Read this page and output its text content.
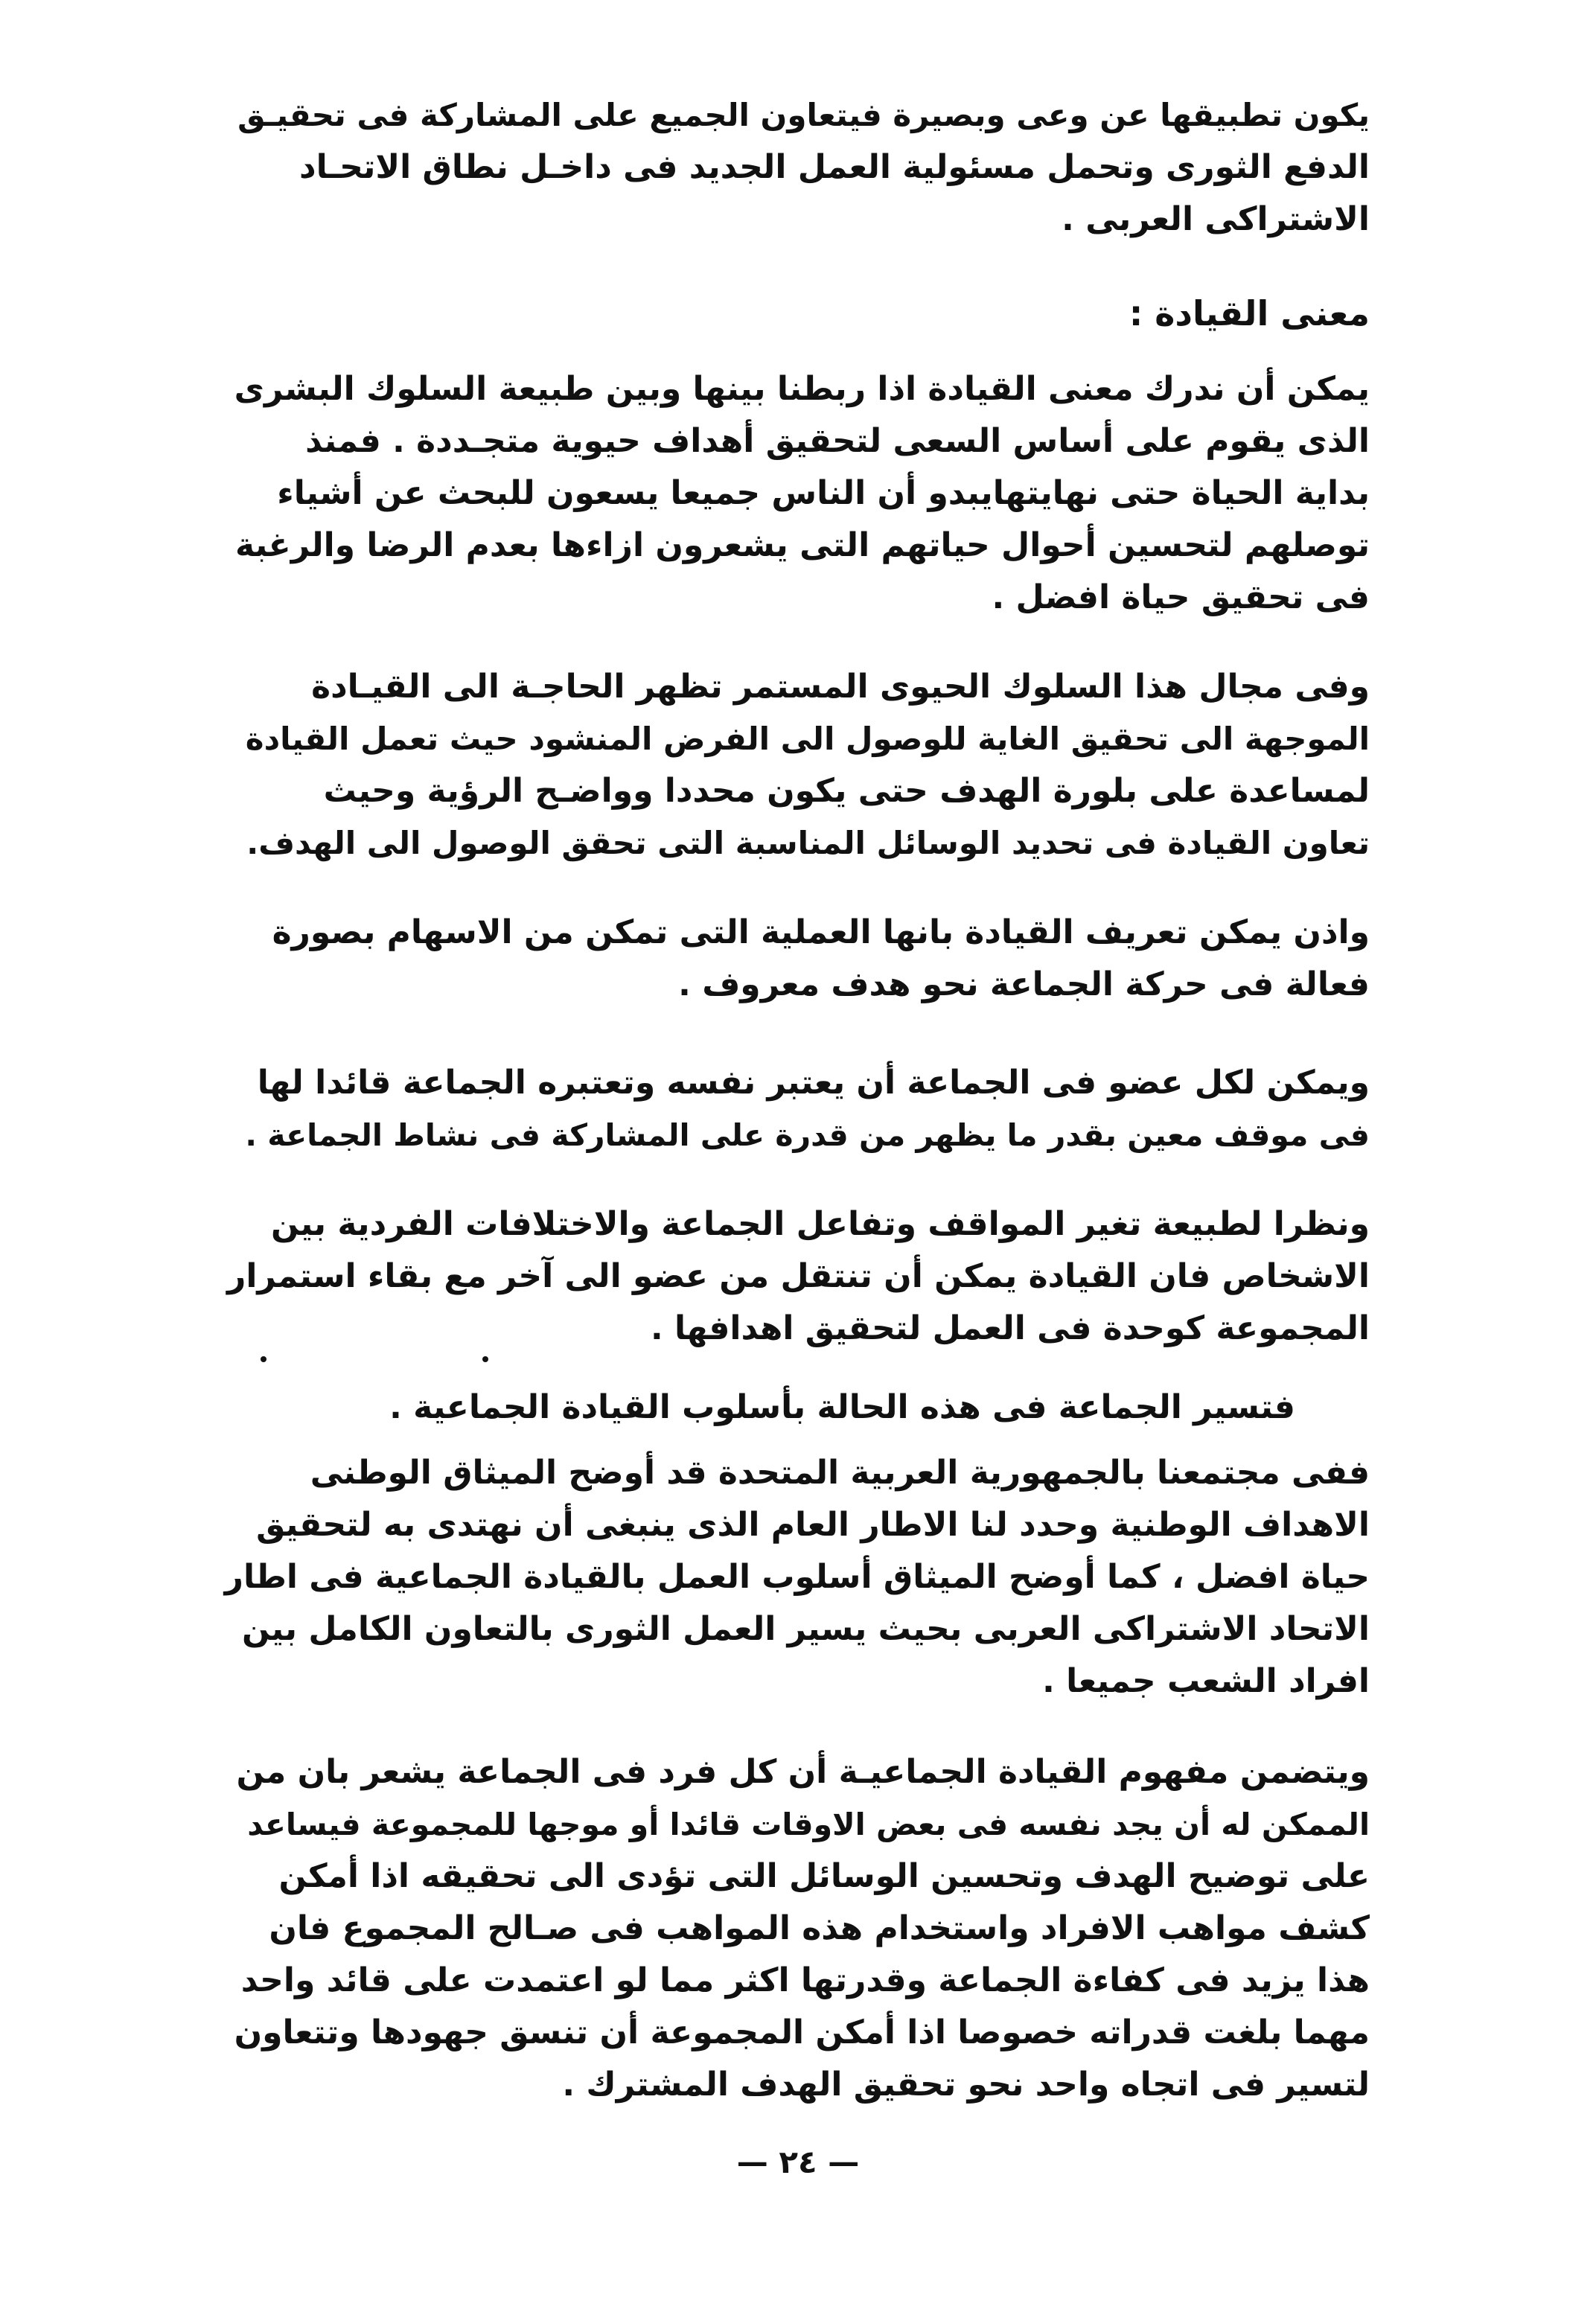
يكون تطبيقها عن وعى وبصيرة فيتعاون الجميع على المشاركة فى تحقيـق
الدفع الثورى وتحمل مسئولية العمل الجديد فى داخـل نطاق الاتحـاد
الاشتراكى العربى .
معنى القيادة :
يمكن أن ندرك معنى القيادة اذا ربطنا بينها وبين طبيعة السلوك البشرى
الذى يقوم على أساس السعى لتحقيق أهداف حيوية متجـددة . فمنذ
بداية الحياة حتى نهايتهايبدو أن الناس جميعا يسعون للبحث عن أشياء
توصلهم لتحسين أحوال حياتهم التى يشعرون ازاءها بعدم الرضا والرغبة
فى تحقيق حياة افضل .
وفى مجال هذا السلوك الحيوى المستمر تظهر الحاجـة الى القيـادة
الموجهة الى تحقيق الغاية للوصول الى الفرض المنشود حيث تعمل القيادة
لمساعدة على بلورة الهدف حتى يكون محددا وواضـح الرؤية وحيث
تعاون القيادة فى تحديد الوسائل المناسبة التى تحقق الوصول الى الهدف.
واذن يمكن تعريف القيادة بانها العملية التى تمكن من الاسهام بصورة
فعالة فى حركة الجماعة نحو هدف معروف .
ويمكن لكل عضو فى الجماعة أن يعتبر نفسه وتعتبره الجماعة قائدا لها
فى موقف معين بقدر ما يظهر من قدرة على المشاركة فى نشاط الجماعة .
ونظرا لطبيعة تغير المواقف وتفاعل الجماعة والاختلافات الفردية بين
الاشخاص فان القيادة يمكن أن تنتقل من عضو الى آخر مع بقاء استمرار
المجموعة كوحدة فى العمل لتحقيق اهدافها .
فتسير الجماعة فى هذه الحالة بأسلوب القيادة الجماعية .
ففى مجتمعنا بالجمهورية العربية المتحدة قد أوضح الميثاق الوطنى
الاهداف الوطنية وحدد لنا الاطار العام الذى ينبغى أن نهتدى به لتحقيق
حياة افضل ، كما أوضح الميثاق أسلوب العمل بالقيادة الجماعية فى اطار
الاتحاد الاشتراكى العربى بحيث يسير العمل الثورى بالتعاون الكامل بين
افراد الشعب جميعا .
ويتضمن مفهوم القيادة الجماعيـة أن كل فرد فى الجماعة يشعر بان من
الممكن له أن يجد نفسه فى بعض الاوقات قائدا أو موجها للمجموعة فيساعد
على توضيح الهدف وتحسين الوسائل التى تؤدى الى تحقيقه اذا أمكن
كشف مواهب الافراد واستخدام هذه المواهب فى صـالح المجموع فان
هذا يزيد فى كفاءة الجماعة وقدرتها اكثر مما لو اعتمدت على قائد واحد
مهما بلغت قدراته خصوصا اذا أمكن المجموعة أن تنسق جهودها وتتعاون
لتسير فى اتجاه واحد نحو تحقيق الهدف المشترك .
— ٢٤ —
